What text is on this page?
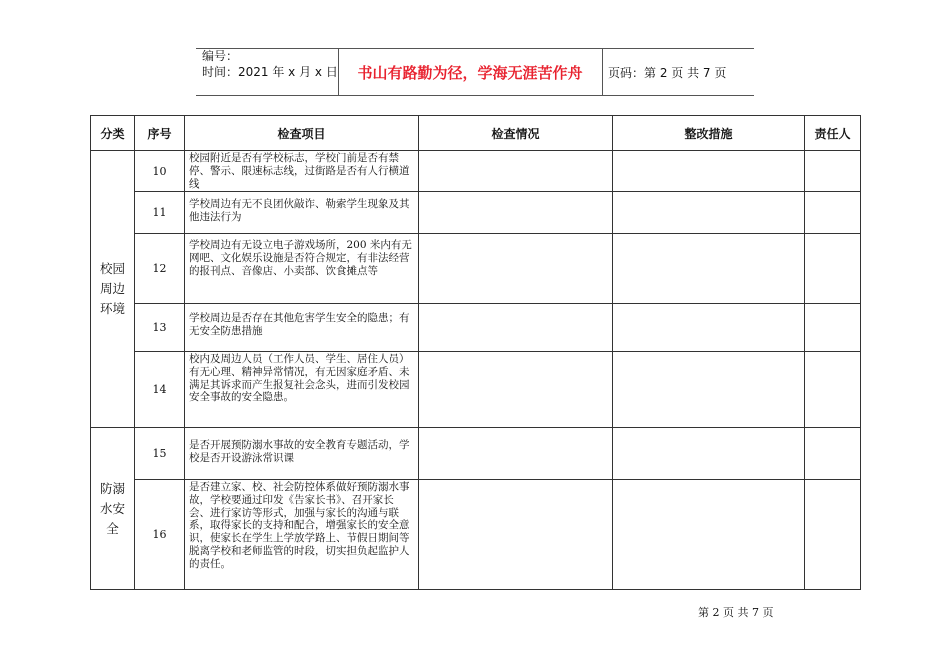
编号：
时间：2021 年 x 月 x 日	书山有路勤为径，学海无涯苦作舟	页码：第 2 页 共 7 页
分类	序号	检查项目	检查情况	整改措施	责任人
校园周边环境	10	校园附近是否有学校标志，学校门前是否有禁停、警示、限速标志线，过街路是否有人行横道线			
	11	学校周边有无不良团伙敲诈、勒索学生现象及其他违法行为			
	12	学校周边有无设立电子游戏场所，200 米内有无网吧、文化娱乐设施是否符合规定，有非法经营的报刊点、音像店、小卖部、饮食摊点等			
	13	学校周边是否存在其他危害学生安全的隐患；有无安全防患措施			
	14	校内及周边人员（工作人员、学生、居住人员）有无心理、精神异常情况，有无因家庭矛盾、未满足其诉求而产生报复社会念头，进而引发校园安全事故的安全隐患。			
防溺水安全	15	是否开展预防溺水事故的安全教育专题活动，学校是否开设游泳常识课			
	16	是否建立家、校、社会防控体系做好预防溺水事故，学校要通过印发《告家长书》、召开家长会、进行家访等形式，加强与家长的沟通与联系，取得家长的支持和配合，增强家长的安全意识，使家长在学生上学放学路上、节假日期间等脱离学校和老师监管的时段，切实担负起监护人的责任。			
第 2 页 共 7 页
